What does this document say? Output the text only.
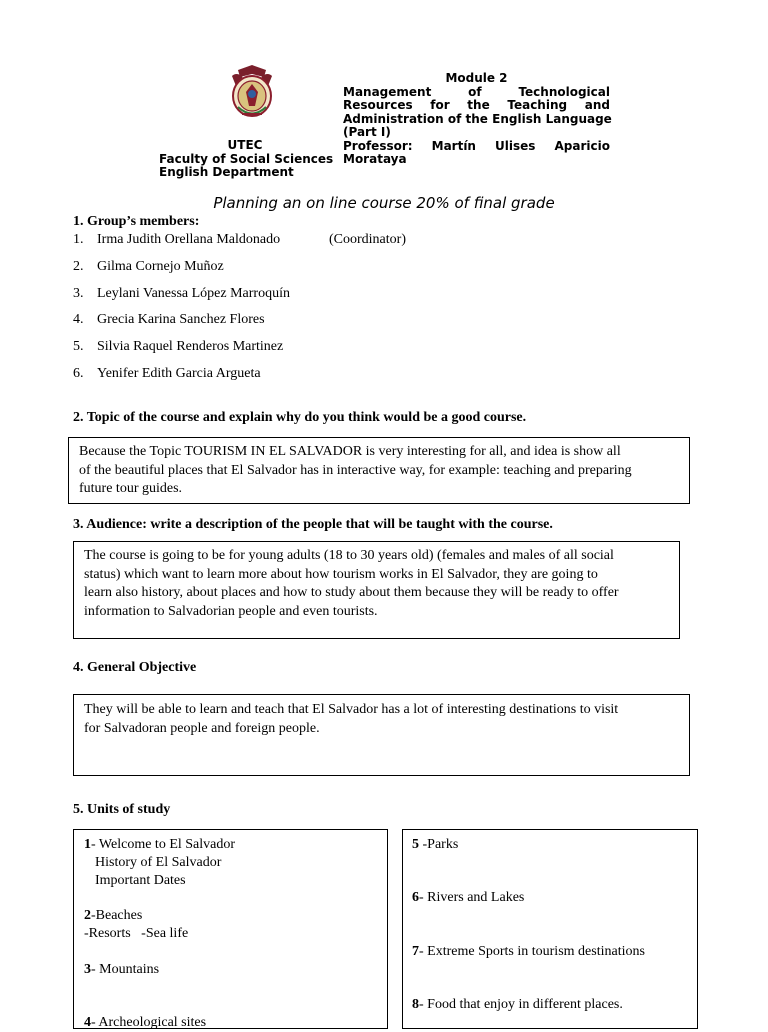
UTEC
Faculty of Social Sciences
English Department
Module 2
Management	of	Technological
Resources for the Teaching and
Administration of the English Language
(Part I)
Professor: Martín Ulises Aparicio
Morataya
Planning an on line course 20% of final grade
1. Group’s members:
1. Irma Judith Orellana Maldonado	(Coordinator)
2. Gilma Cornejo Muñoz
3. Leylani Vanessa López Marroquín
4. Grecia Karina Sanchez Flores
5. Silvia Raquel Renderos Martinez
6. Yenifer Edith Garcia Argueta
2. Topic of the course and explain why do you think would be a good course.

Because the Topic TOURISM IN EL SALVADOR is very interesting for all, and idea is show all

of the beautiful places that El Salvador has in interactive way, for example: teaching and preparing

future tour guides.

3. Audience: write a description of the people that will be taught with the course.

The course is going to be for young adults (18 to 30 years old) (females and males of all social

status) which want to learn more about how tourism works in El Salvador, they are going to

learn also history, about places and how to study about them because they will be ready to offer

information to Salvadorian people and even tourists.

4. General Objective

They will be able to learn and teach that El Salvador has a lot of interesting destinations to visit

for Salvadoran people and foreign people.

5. Units of study
1- Welcome to El Salvador
History of El Salvador
Important Dates
2-Beaches
-Resorts   -Sea life
3- Mountains
4- Archeological sites
5 -Parks
6- Rivers and Lakes
7- Extreme Sports in tourism destinations
8- Food that enjoy in different places.
